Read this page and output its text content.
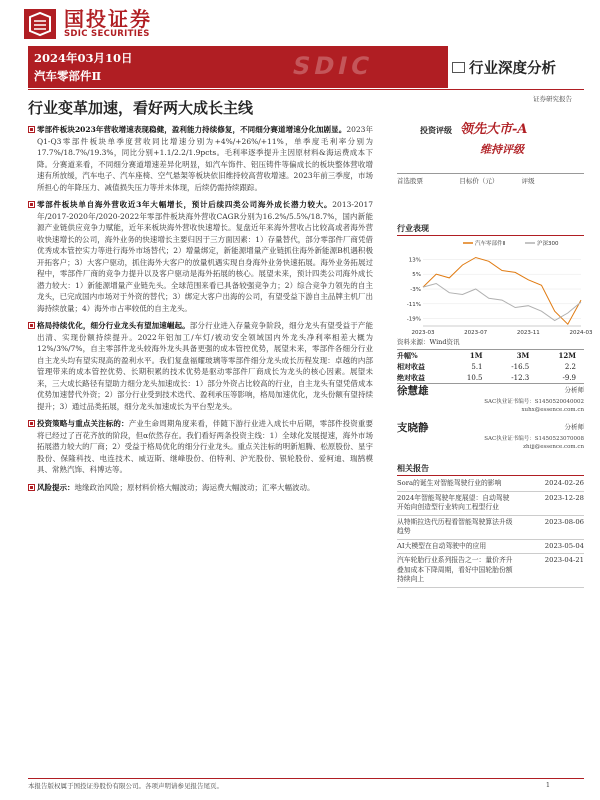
国投证券
SDIC SECURITIES
2024年03月10日
汽车零部件Ⅱ	SDIC	行业深度分析
证券研究报告
行业变革加速，看好两大成长主线
零部件板块2023年营收增速表现稳健，盈利能力持续修复，不同细分赛道增速分化加剧显。2023年Q1-Q3零部件板块单季度营收同比增速分别为+4%/+26%/+11%，单季度毛利率分别为17.7%/18.7%/19.3%，同比分别+1.1/2.2/1.9pcts。毛利率逐季提升主因原材料&海运费成本下降。分赛道来看，不同细分赛道增速差异化明显，如汽车饰件、铝压铸件等偏成长的板块整体营收增速有所放缓，汽车电子、汽车座椅、空气悬架等板块依旧维持较高营收增速。2023年前三季度，市场所担心的年降压力、减值损失压力等并未体现，后续仍需持续跟踪。
零部件板块单自海外营收近3年大幅增长，预计后续四类公司海外成长潜力较大。2013-2017年/2017-2020年/2020-2022年零部件板块海外营收CAGR分别为16.2%/5.5%/18.7%，国内新能源产业链供应竞争力赋能，近年来板块海外营收快速增长。复盘近年来海外营收占比较高或者海外营收快速增长的公司，海外业务的快速增长主要归因于三方面因素：1）存量替代，部分零部件厂商凭借优秀成本管控实力等进行海外市场替代；2）增量绑定，新能源增量产业链抓住海外新能源B机遇积极开拓客户；3）大客户驱动，抓住海外大客户的放量机遇实现自身海外业务快速拓展。海外业务拓展过程中，零部件厂商的竞争力提升以及客户驱动是海外拓展的核心。展望未来，预计四类公司海外成长潜力较大：1）新能源增量产业链先头。全球范围来看已具备较强竞争力；2）综合竞争力领先的自主龙头，已完成国内市场对于外资的替代；3）绑定大客户出海的公司，有望受益下游自主品牌主机厂出海持续放量；4）海外市占率较低的自主龙头。
格局持续优化，细分行业龙头有望加速崛起。部分行业进入存量竞争阶段，细分龙头有望受益于产能出清、实现份额持续提升。2022年铝加工/车灯/被动安全领域国内外龙头净利率相差大概为12%/3%/7%，自主零部件龙头较海外龙头具备更强的成本管控优势，展望未来，零部件各细分行业自主龙头均有望实现高的盈利水平。我们复盘福耀玻璃等零部件细分龙头成长历程发现：卓越的内部管理带来的成本管控优势、长期积累的技术优势是驱动零部件厂商成长为龙头的核心因素。展望未来，三大成长路径有望助力细分龙头加速成长：1）部分外资占比较高的行业，自主龙头有望凭借成本优势加速替代外资；2）部分行业受到技术迭代、盈利承压等影响，格局加速优化，龙头份额有望持续提升；3）通过品类拓展，细分龙头加速成长为平台型龙头。
投资策略与重点关注标的：产业生命周期角度来看，伴随下游行业进入成长中后期，零部件投资重要将已经过了百花齐放的阶段，但α依然存在。我们看好两条投资主线：1）全球化发展提速，海外市场拓展潜力较大的厂商；2）受益于格局优化的细分行业龙头。重点关注标的明新旭腾、松原股份、星宇股份、保隆科技、电连技术、威迈斯、继峰股份、伯特利、沪光股份、银轮股份、爱柯迪、瑞鹄模具、常熟汽饰、科博达等。
风险提示：地缘政治风险；原材料价格大幅波动；海运费大幅波动；汇率大幅波动。
投资评级 领先大市-A
维持评级
首选股票	目标价（元）	评级
行业表现
13%
5%
-3%
-11%
-19%
2023-03	2023-07	2023-11	2024-03
汽车零部件Ⅱ	沪深300
资料来源：Wind资讯
升幅%	1M	3M	12M
相对收益	5.1	-16.5	2.2
绝对收益	10.5	-12.3	-9.9
徐慧雄	分析师
SAC执业证书编号：S1450520040002
xuhx@essence.com.cn
支晓静	分析师
SAC执业证书编号：S1450523070008
zhijj@essence.com.cn
相关报告
Sora的诞生对智能驾驶行业的影响	2024-02-26
2024年智能驾驶年度展望：自动驾驶开始向创造型行业转向工程型行业
2023-12-28
从特斯拉迭代历程看智能驾驶算法升级趋势
2023-08-06
AI大模型在自动驾驶中的应用	2023-05-04
汽车轮胎行业系列报告之一：量价齐升叠加成本下降周期，看好中国轮胎份额持续向上
2023-04-21
本报告版权属于国投证券股份有限公司。各项声明请参见报告尾页。	1
